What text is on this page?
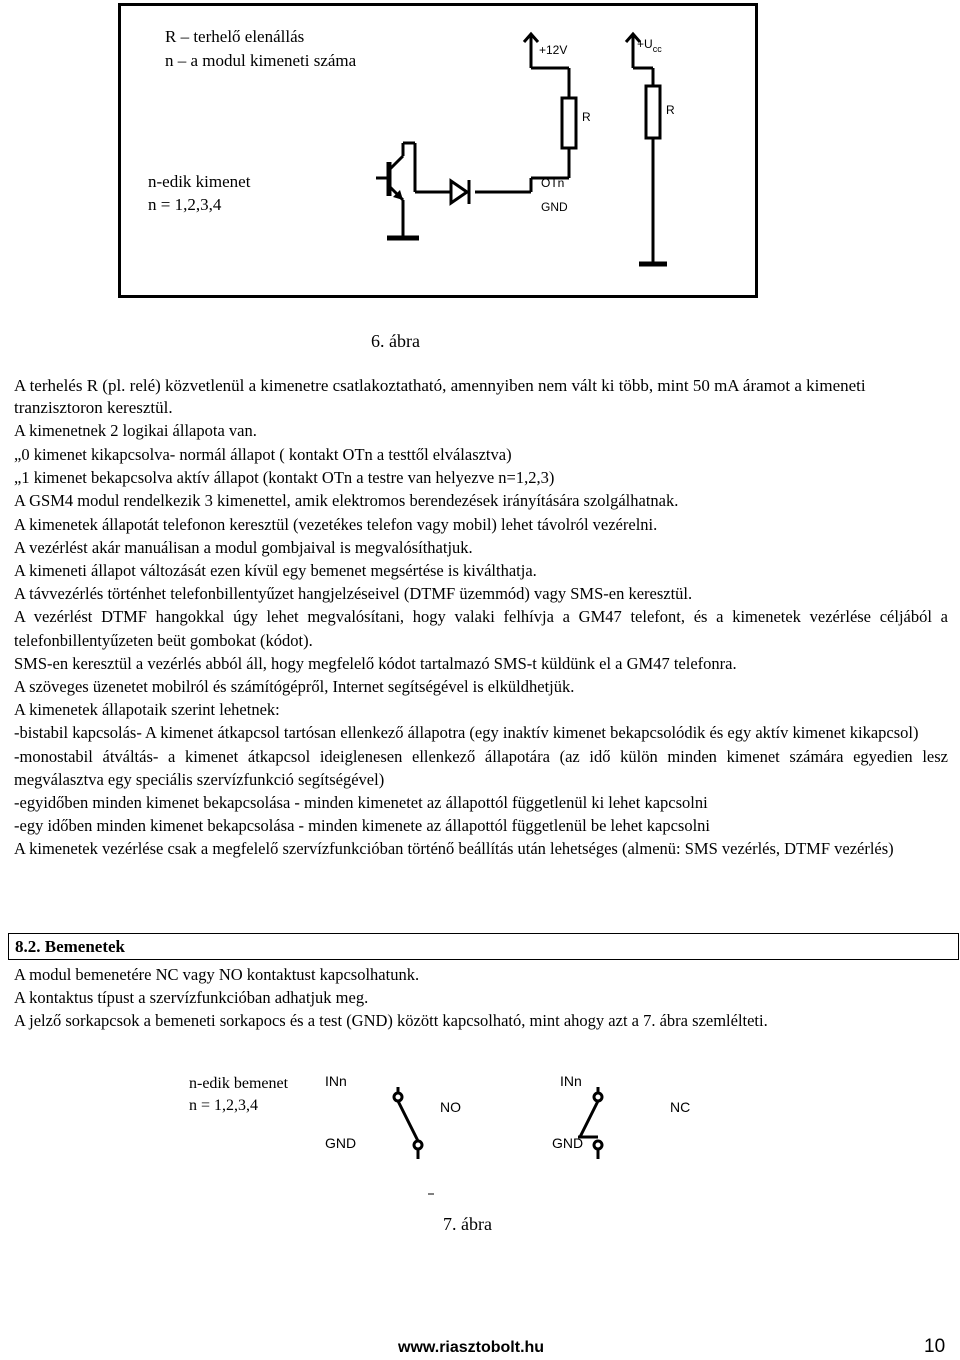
R – terhelő elenállás
n – a modul kimeneti száma
n-edik kimenet
n = 1,2,3,4
+12V	$+U_{cc}$
R	R
OTn
GND
6. ábra

A terhelés R (pl. relé) közvetlenül a kimenetre csatlakoztatható, amennyiben nem vált ki több, mint 50 mA áramot a kimeneti tranzisztoron keresztül.

A kimenetnek 2 logikai állapota van.

„0 kimenet kikapcsolva- normál állapot ( kontakt OTn a testtől elválasztva)

„1 kimenet bekapcsolva aktív állapot (kontakt OTn a testre van helyezve n=1,2,3)

A GSM4 modul rendelkezik 3 kimenettel, amik elektromos berendezések irányítására szolgálhatnak.

A kimenetek állapotát telefonon keresztül (vezetékes telefon vagy mobil) lehet távolról vezérelni.

A vezérlést akár manuálisan a modul gombjaival is megvalósíthatjuk.

A kimeneti állapot változását ezen kívül egy bemenet megsértése is kiválthatja.

A távvezérlés történhet telefonbillentyűzet hangjelzéseivel (DTMF üzemmód) vagy SMS-en keresztül.

A vezérlést DTMF hangokkal úgy lehet megvalósítani, hogy valaki felhívja a GM47 telefont, és a kimenetek vezérlése céljából a telefonbillentyűzeten beüt gombokat (kódot).

SMS-en keresztül a vezérlés abból áll, hogy megfelelő kódot tartalmazó SMS-t küldünk el a GM47 telefonra.

A szöveges üzenetet mobilról és számítógépről, Internet segítségével is elküldhetjük.

A kimenetek állapotaik szerint lehetnek:

-bistabil kapcsolás- A kimenet átkapcsol tartósan ellenkező állapotra (egy inaktív kimenet bekapcsolódik és egy aktív kimenet kikapcsol)

-monostabil átváltás- a kimenet átkapcsol ideiglenesen ellenkező állapotára (az idő külön minden kimenet számára egyedien lesz megválasztva egy speciális szervízfunkció segítségével)

-egyidőben minden kimenet bekapcsolása - minden kimenetet az állapottól függetlenül ki lehet kapcsolni

-egy időben minden kimenet bekapcsolása - minden kimenete az állapottól függetlenül be lehet kapcsolni

A kimenetek vezérlése csak a megfelelő szervízfunkcióban történő beállítás után lehetséges (almenü: SMS vezérlés, DTMF vezérlés)

8.2. Bemenetek

A modul bemenetére NC vagy NO kontaktust kapcsolhatunk.

A kontaktus típust a szervízfunkcióban adhatjuk meg.

A jelző sorkapcsok a bemeneti sorkapocs és a test (GND) között kapcsolható, mint ahogy azt a 7. ábra szemlélteti.

n-edik bemenet
n = 1,2,3,4
INn	INn
NO	NC
GND	GND
7. ábra
www.riasztobolt.hu	10
